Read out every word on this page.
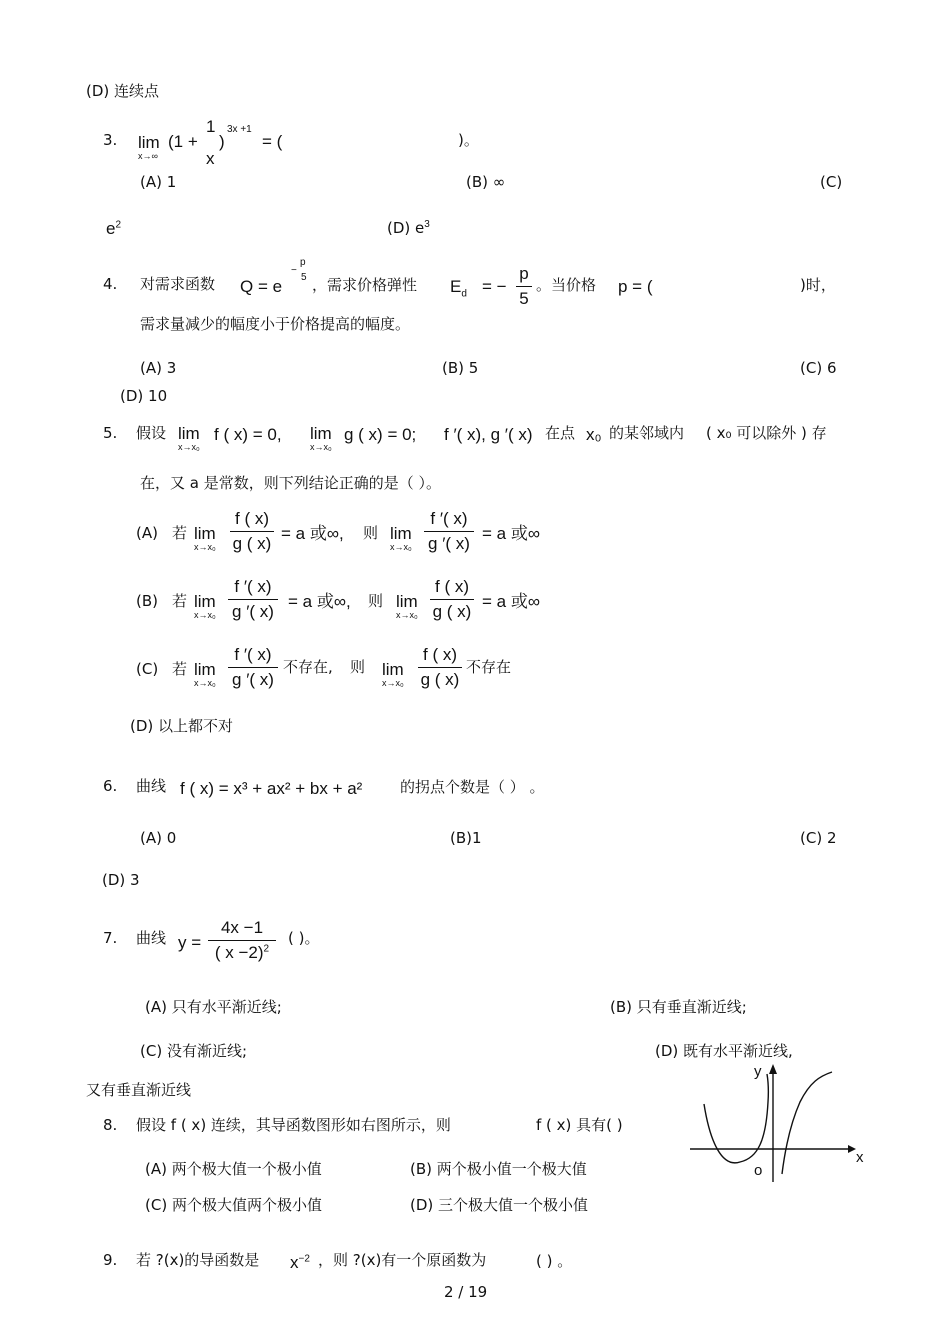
(D) 连续点
3. lim
x→∞
(1 +
1
x
)
3x +1
= (	)。
(A) 1	(B) ∞	(C)
$e^2$	(D) $e^3$
4. 对需求函数 Q = e
−
p
5 ，需求价格弹性 $E_d$ = −
p
5
。当价格 p = (	)时，
需求量减少的幅度小于价格提高的幅度。
(A) 3	(B) 5	(C) 6
(D) 10
5. 假设 lim
x→x₀
f ( x) = 0, lim
x→x₀
g ( x) = 0; f ′( x), g ′( x) 在点 x₀ 的某邻域内 ( x₀ 可以除外 ) 存
在，又 a 是常数，则下列结论正确的是（ ）。
(A) 若 lim
x→x₀
f ( x)
g ( x)
= a 或∞, 则 lim
x→x₀
f ′( x)
g ′( x)
= a 或∞
(B) 若 lim
x→x₀
f ′( x)
g ′( x)
= a 或∞, 则 lim
x→x₀
f ( x)
g ( x)
= a 或∞
(C) 若 lim
x→x₀
f ′( x)
g ′( x)
不存在, 则 lim
x→x₀
f ( x)
g ( x)
不存在
(D) 以上都不对
6. 曲线 f ( x) = x³ + ax² + bx + a²	的拐点个数是（ ） 。
(A) 0	(B)1	(C) 2
(D) 3
7. 曲线 y =
4x −1
( x −2)$^2$
( )。
(A) 只有水平渐近线;	(B) 只有垂直渐近线;
(C) 没有渐近线;	(D) 既有水平渐近线,
又有垂直渐近线
8. 假设 f ( x) 连续，其导函数图形如右图所示，则	f ( x) 具有( )
(A) 两个极大值一个极小值	(B) 两个极小值一个极大值
(C) 两个极大值两个极小值	(D) 三个极大值一个极小值
y
x
o
9. 若 ?(x)的导函数是 $x^{-2}$ ，则 ?(x)有一个原函数为	( ) 。
2 / 19
